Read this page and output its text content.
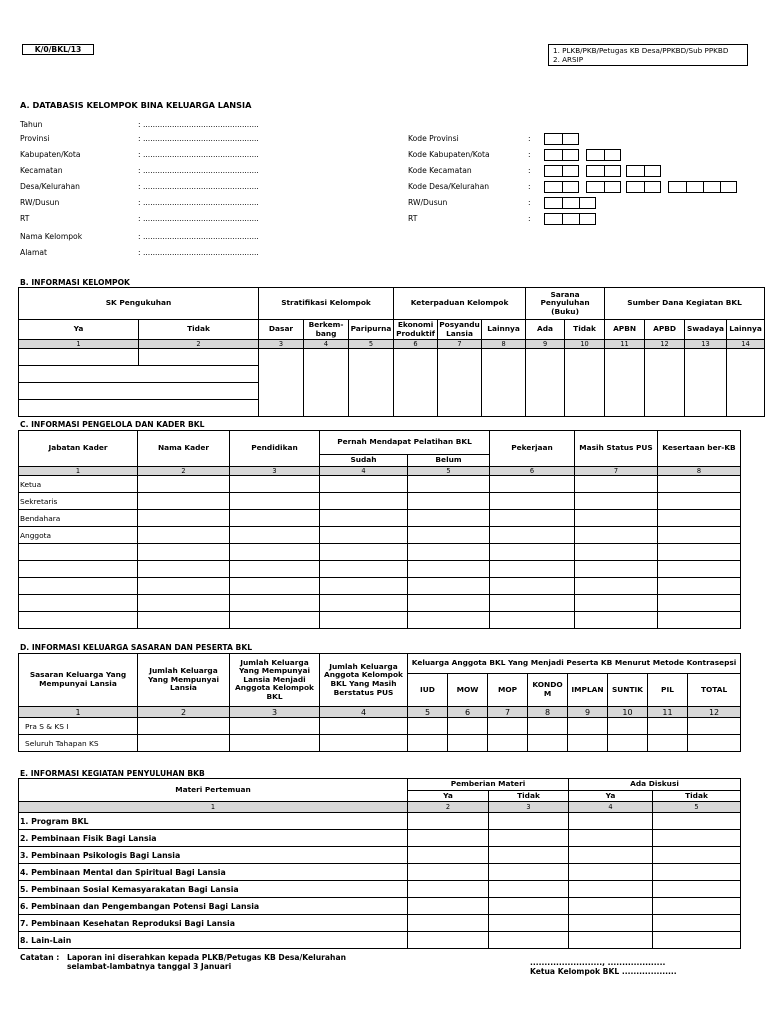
K/0/BKL/13	1. PLKB/PKB/Petugas KB Desa/PPKBD/Sub PPKBD
2. ARSIP
A. DATABASIS KELOMPOK BINA KELUARGA LANSIA
Tahun	: ................................................
Provinsi	: ................................................
Kabupaten/Kota	: ................................................
Kecamatan	: ................................................
Desa/Kelurahan	: ................................................
RW/Dusun	: ................................................
RT	: ................................................
Nama Kelompok	: ................................................
Alamat	: ................................................
Kode Provinsi	:
Kode Kabupaten/Kota	:
Kode Kecamatan	:
Kode Desa/Kelurahan	:
RW/Dusun	:
RT	:
B. INFORMASI KELOMPOK
SK Pengukuhan		Stratifikasi Kelompok			Keterpaduan Kelompok			Sarana Penyuluhan (Buku)		Sumber Dana Kegiatan BKL			
Ya	Tidak	Dasar	Berkem-bang	Paripurna	Ekonomi Produktif	Posyandu Lansia	Lainnya	Ada	Tidak	APBN	APBD	Swadaya	Lainnya
1	2	3	4	5	6	7	8	9	10	11	12	13	14

C. INFORMASI PENGELOLA DAN KADER BKL
Jabatan Kader	Nama Kader	Pendidikan	Pernah Mendapat Pelatihan BKL		Pekerjaan	Masih Status PUS	Kesertaan ber-KB
			Sudah	Belum			
1	2	3	4	5	6	7	8
Ketua							
Sekretaris							
Bendahara							
Anggota							

D. INFORMASI KELUARGA SASARAN DAN PESERTA BKL
Sasaran Keluarga Yang Mempunyai Lansia	Jumlah Keluarga Yang Mempunyai Lansia	Jumlah Keluarga Yang Mempunyai Lansia Menjadi Anggota Kelompok BKL	Jumlah Keluarga Anggota Kelompok BKL Yang Masih Berstatus PUS	Keluarga Anggota BKL Yang Menjadi Peserta KB Menurut Metode Kontrasepsi							
				IUD	MOW	MOP	KONDOM	IMPLAN	SUNTIK	PIL	TOTAL
1	2	3	4	5	6	7	8	9	10	11	12
Pra S & KS I											
Seluruh Tahapan KS											
E. INFORMASI KEGIATAN PENYULUHAN BKB
Materi Pertemuan	Pemberian Materi		Ada Diskusi	
	Ya	Tidak	Ya	Tidak
1	2	3	4	5
1. Program BKL				
2. Pembinaan Fisik Bagi Lansia				
3. Pembinaan Psikologis Bagi Lansia				
4. Pembinaan Mental dan Spiritual Bagi Lansia				
5. Pembinaan Sosial Kemasyarakatan Bagi Lansia				
6. Pembinaan dan Pengembangan Potensi Bagi Lansia				
7. Pembinaan Kesehatan Reproduksi Bagi Lansia				
8. Lain-Lain				
Catatan : Laporan ini diserahkan kepada PLKB/Petugas KB Desa/Kelurahan
selambat-lambatnya tanggal 3 Januari	........................., ....................
Ketua Kelompok BKL ...................
